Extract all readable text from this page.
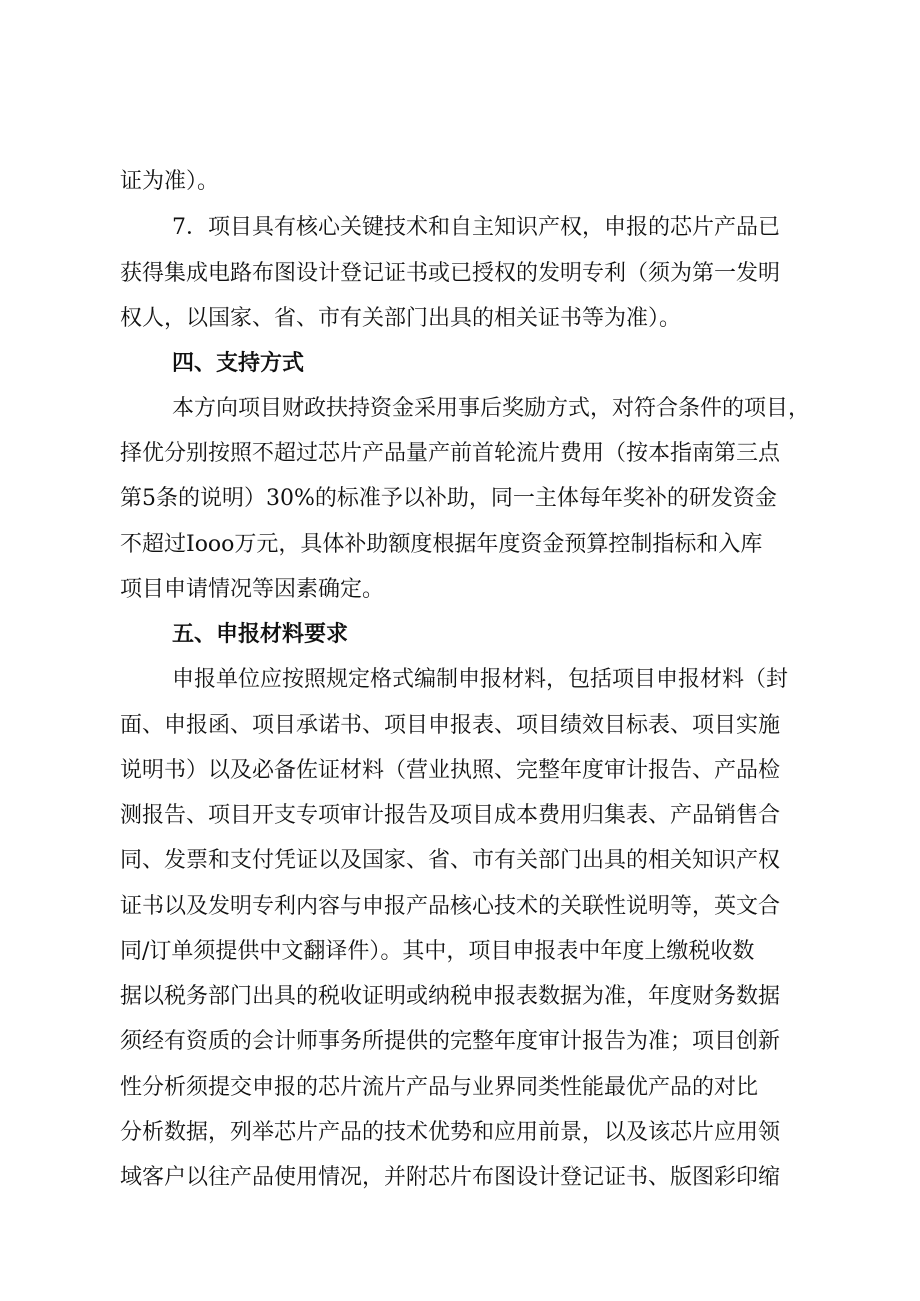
证为准）。
7．项目具有核心关键技术和自主知识产权，申报的芯片产品已
获得集成电路布图设计登记证书或已授权的发明专利（须为第一发明
权人，以国家、省、市有关部门出具的相关证书等为准）。
四、支持方式
本方向项目财政扶持资金采用事后奖励方式，对符合条件的项目，
择优分别按照不超过芯片产品量产前首轮流片费用（按本指南第三点
第5条的说明）30%的标准予以补助，同一主体每年奖补的研发资金
不超过Iooo万元，具体补助额度根据年度资金预算控制指标和入库
项目申请情况等因素确定。
五、申报材料要求
申报单位应按照规定格式编制申报材料，包括项目申报材料（封
面、申报函、项目承诺书、项目申报表、项目绩效目标表、项目实施
说明书）以及必备佐证材料（营业执照、完整年度审计报告、产品检
测报告、项目开支专项审计报告及项目成本费用归集表、产品销售合
同、发票和支付凭证以及国家、省、市有关部门出具的相关知识产权
证书以及发明专利内容与申报产品核心技术的关联性说明等，英文合
同/订单须提供中文翻译件）。其中，项目申报表中年度上缴税收数
据以税务部门出具的税收证明或纳税申报表数据为准，年度财务数据
须经有资质的会计师事务所提供的完整年度审计报告为准；项目创新
性分析须提交申报的芯片流片产品与业界同类性能最优产品的对比
分析数据，列举芯片产品的技术优势和应用前景，以及该芯片应用领
域客户以往产品使用情况，并附芯片布图设计登记证书、版图彩印缩
